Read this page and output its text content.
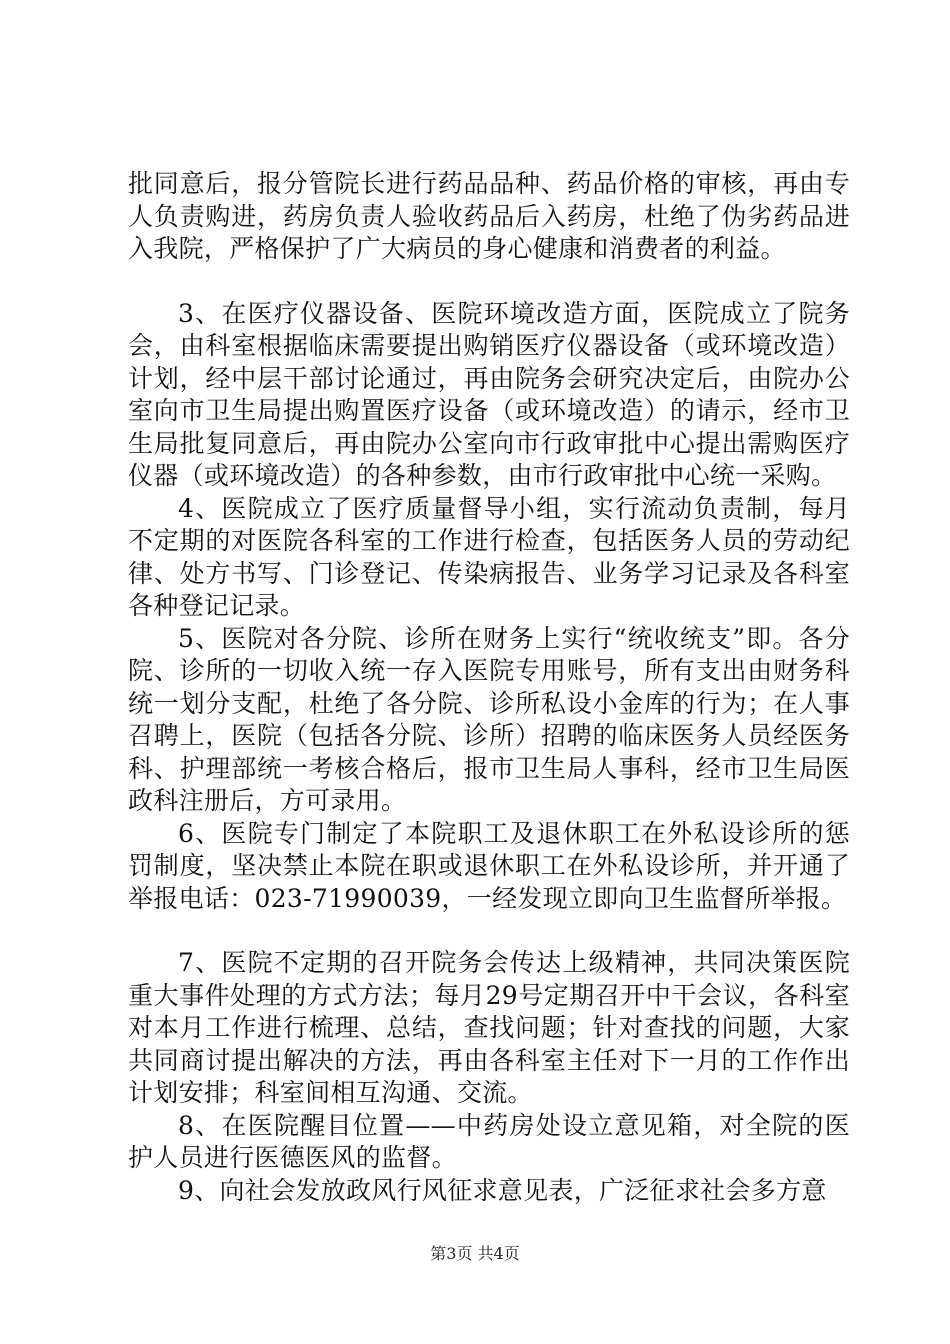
批同意后，报分管院长进行药品品种、药品价格的审核，再由专人负责购进，药房负责人验收药品后入药房，杜绝了伪劣药品进入我院，严格保护了广大病员的身心健康和消费者的利益。

3、在医疗仪器设备、医院环境改造方面，医院成立了院务会，由科室根据临床需要提出购销医疗仪器设备（或环境改造）计划，经中层干部讨论通过，再由院务会研究决定后，由院办公室向市卫生局提出购置医疗设备（或环境改造）的请示，经市卫生局批复同意后，再由院办公室向市行政审批中心提出需购医疗仪器（或环境改造）的各种参数，由市行政审批中心统一采购。

4、医院成立了医疗质量督导小组，实行流动负责制，每月不定期的对医院各科室的工作进行检查，包括医务人员的劳动纪律、处方书写、门诊登记、传染病报告、业务学习记录及各科室各种登记记录。

5、医院对各分院、诊所在财务上实行“统收统支”即。各分院、诊所的一切收入统一存入医院专用账号，所有支出由财务科统一划分支配，杜绝了各分院、诊所私设小金库的行为；在人事召聘上，医院（包括各分院、诊所）招聘的临床医务人员经医务科、护理部统一考核合格后，报市卫生局人事科，经市卫生局医政科注册后，方可录用。

6、医院专门制定了本院职工及退休职工在外私设诊所的惩罚制度，坚决禁止本院在职或退休职工在外私设诊所，并开通了举报电话：023-71990039，一经发现立即向卫生监督所举报。

7、医院不定期的召开院务会传达上级精神，共同决策医院重大事件处理的方式方法；每月29号定期召开中干会议，各科室对本月工作进行梳理、总结，查找问题；针对查找的问题，大家共同商讨提出解决的方法，再由各科室主任对下一月的工作作出计划安排；科室间相互沟通、交流。

8、在医院醒目位置——中药房处设立意见箱，对全院的医护人员进行医德医风的监督。

9、向社会发放政风行风征求意见表，广泛征求社会多方意

第3页 共4页
